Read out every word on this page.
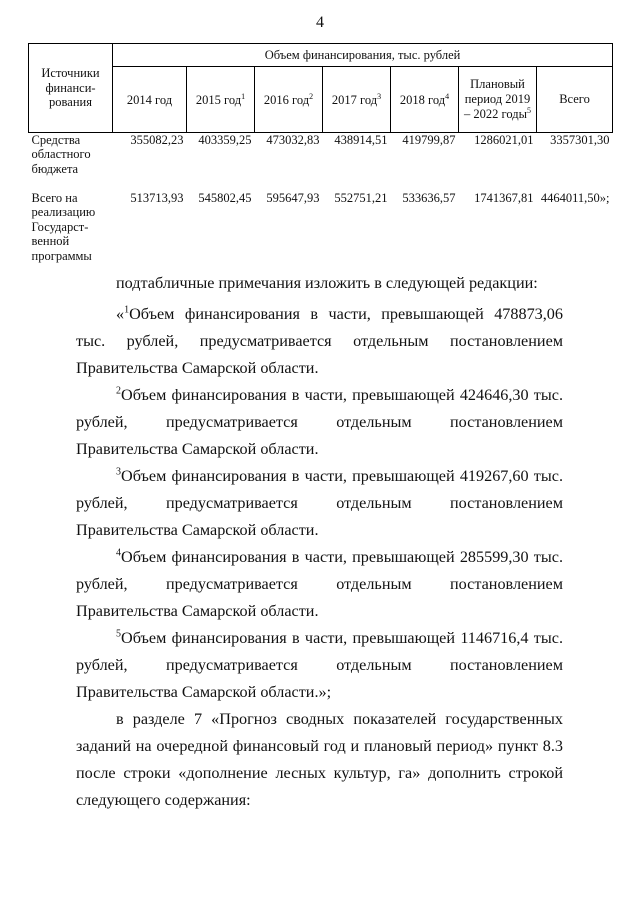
4
Источники финанси-рования	Объем финансирования, тыс. рублей						
	2014 год	2015 год$^1$	2016 год$^2$	2017 год$^3$	2018 год$^4$	Плановый период 2019 – 2022 годы$^5$	Всего
Средства областного бюджета	355082,23	403359,25	473032,83	438914,51	419799,87	1286021,01	3357301,30
Всего на реализацию Государст-венной программы	513713,93	545802,45	595647,93	552751,21	533636,57	1741367,81	4464011,50»;
подтабличные примечания изложить в следующей редакции:
«$^1$Объем финансирования в части, превышающей 478873,06 тыс. рублей, предусматривается отдельным постановлением Правительства Самарской области.
$^2$Объем финансирования в части, превышающей 424646,30 тыс. рублей, предусматривается отдельным постановлением Правительства Самарской области.
$^3$Объем финансирования в части, превышающей 419267,60 тыс. рублей, предусматривается отдельным постановлением Правительства Самарской области.
$^4$Объем финансирования в части, превышающей 285599,30 тыс. рублей, предусматривается отдельным постановлением Правительства Самарской области.
$^5$Объем финансирования в части, превышающей 1146716,4 тыс. рублей, предусматривается отдельным постановлением Правительства Самарской области.»;
в разделе 7 «Прогноз сводных показателей государственных заданий на очередной финансовый год и плановый период» пункт 8.3 после строки «дополнение лесных культур, га» дополнить строкой следующего содержания:
